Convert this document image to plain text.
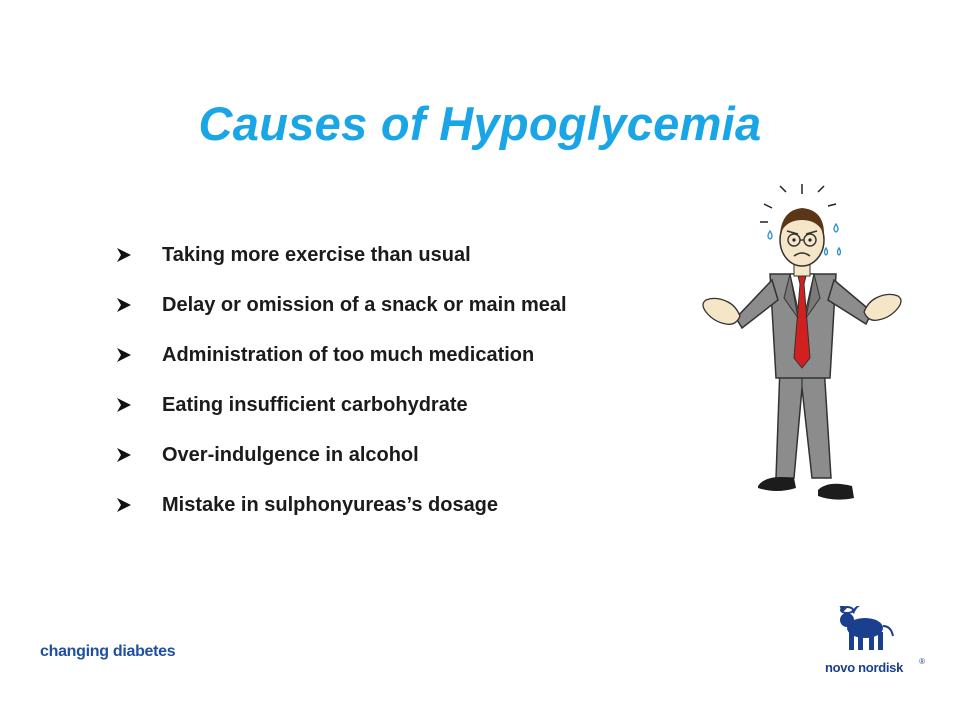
Causes of Hypoglycemia
Taking more exercise than usual
Delay or omission of a snack or main meal
Administration of too much medication
Eating insufficient carbohydrate
Over-indulgence in alcohol
Mistake in sulphonyureas’s dosage
changing diabetes
novo nordisk	®
